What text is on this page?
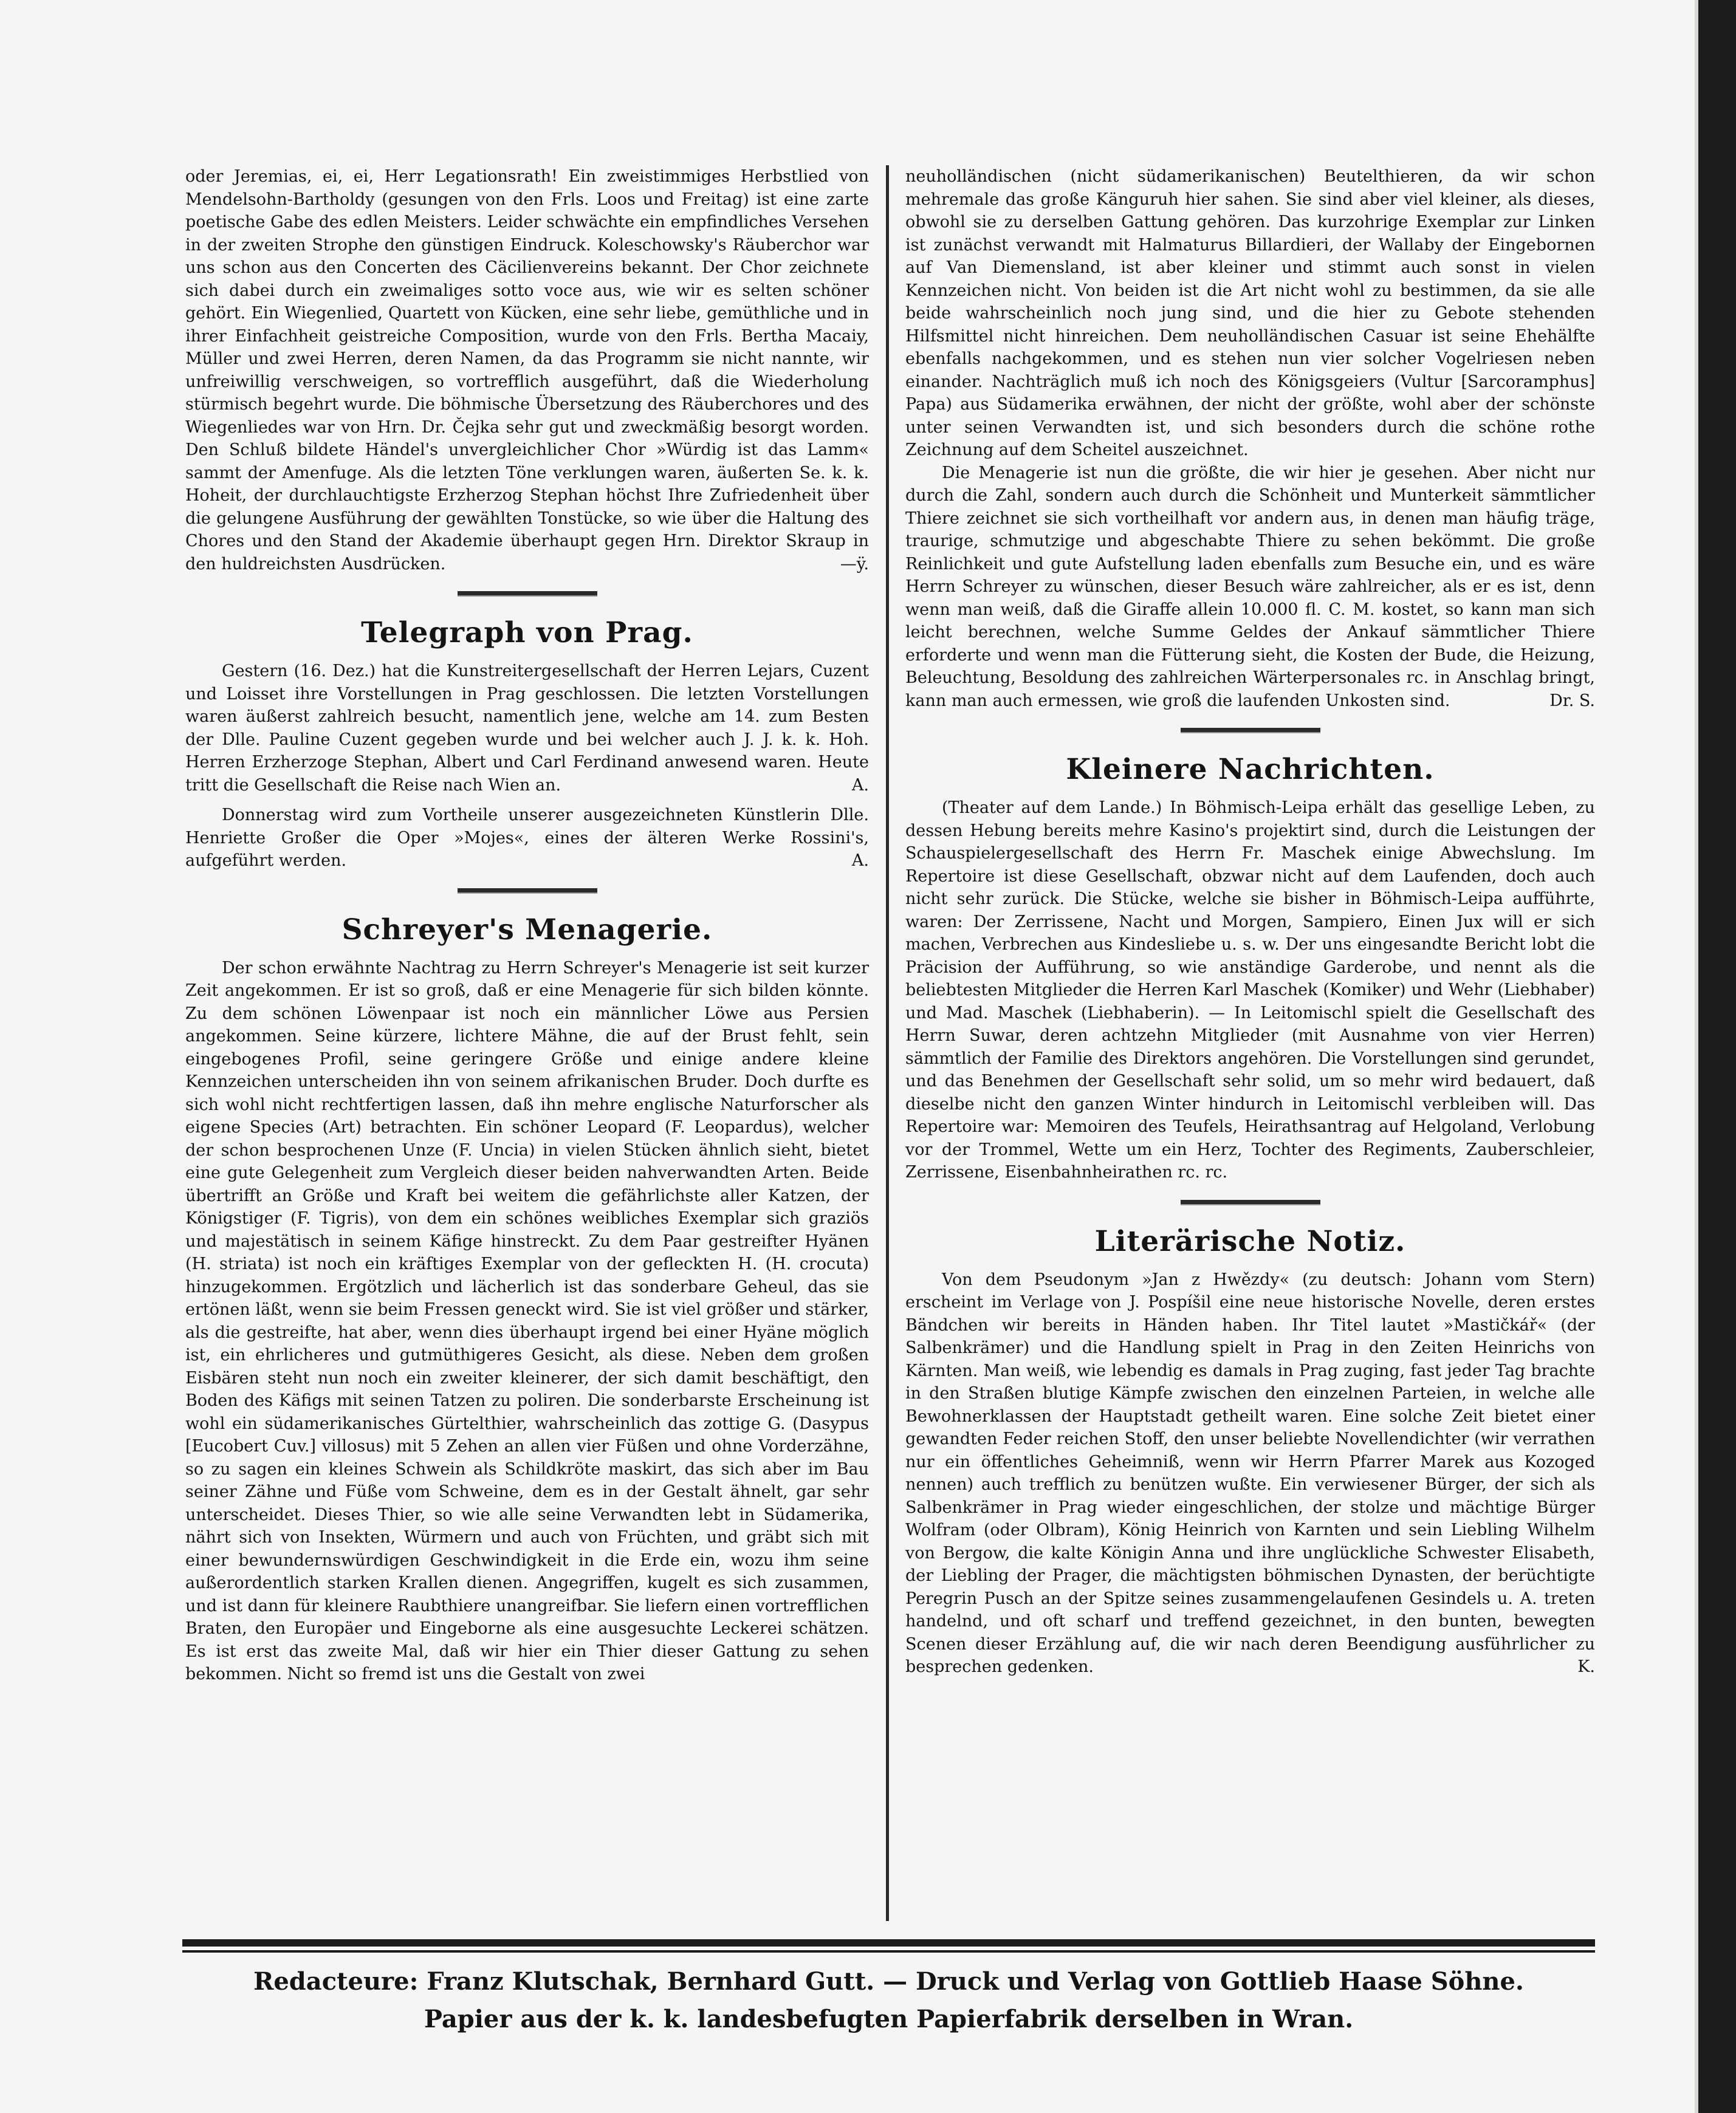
oder Jeremias, ei, ei, Herr Legationsrath! Ein zweistimmiges Herbstlied von Mendelsohn-Bartholdy (gesungen von den Frls. Loos und Freitag) ist eine zarte poetische Gabe des edlen Meisters. Leider schwächte ein empfindliches Versehen in der zweiten Strophe den günstigen Eindruck. Koleschowsky's Räuberchor war uns schon aus den Concerten des Cäcilienvereins bekannt. Der Chor zeichnete sich dabei durch ein zweimaliges sotto voce aus, wie wir es selten schöner gehört. Ein Wiegenlied, Quartett von Kücken, eine sehr liebe, gemüthliche und in ihrer Einfachheit geistreiche Composition, wurde von den Frls. Bertha Macaiy, Müller und zwei Herren, deren Namen, da das Programm sie nicht nannte, wir unfreiwillig verschweigen, so vortrefflich ausgeführt, daß die Wiederholung stürmisch begehrt wurde. Die böhmische Übersetzung des Räuberchores und des Wiegenliedes war von Hrn. Dr. Čejka sehr gut und zweckmäßig besorgt worden. Den Schluß bildete Händel's unvergleichlicher Chor »Würdig ist das Lamm« sammt der Amenfuge. Als die letzten Töne verklungen waren, äußerten Se. k. k. Hoheit, der durchlauchtigste Erzherzog Stephan höchst Ihre Zufriedenheit über die gelungene Ausführung der gewählten Tonstücke, so wie über die Haltung des Chores und den Stand der Akademie überhaupt gegen Hrn. Direktor Skraup in den huldreichsten Ausdrücken.	—ÿ.

Telegraph von Prag.

Gestern (16. Dez.) hat die Kunstreitergesellschaft der Herren Lejars, Cuzent und Loisset ihre Vorstellungen in Prag geschlossen. Die letzten Vorstellungen waren äußerst zahlreich besucht, namentlich jene, welche am 14. zum Besten der Dlle. Pauline Cuzent gegeben wurde und bei welcher auch J. J. k. k. Hoh. Herren Erzherzoge Stephan, Albert und Carl Ferdinand anwesend waren. Heute tritt die Gesellschaft die Reise nach Wien an.	A.

Donnerstag wird zum Vortheile unserer ausgezeichneten Künstlerin Dlle. Henriette Großer die Oper »Mojes«, eines der älteren Werke Rossini's, aufgeführt werden.	A.

Schreyer's Menagerie.

Der schon erwähnte Nachtrag zu Herrn Schreyer's Menagerie ist seit kurzer Zeit angekommen. Er ist so groß, daß er eine Menagerie für sich bilden könnte. Zu dem schönen Löwenpaar ist noch ein männlicher Löwe aus Persien angekommen. Seine kürzere, lichtere Mähne, die auf der Brust fehlt, sein eingebogenes Profil, seine geringere Größe und einige andere kleine Kennzeichen unterscheiden ihn von seinem afrikanischen Bruder. Doch durfte es sich wohl nicht rechtfertigen lassen, daß ihn mehre englische Naturforscher als eigene Species (Art) betrachten. Ein schöner Leopard (F. Leopardus), welcher der schon besprochenen Unze (F. Uncia) in vielen Stücken ähnlich sieht, bietet eine gute Gelegenheit zum Vergleich dieser beiden nahverwandten Arten. Beide übertrifft an Größe und Kraft bei weitem die gefährlichste aller Katzen, der Königstiger (F. Tigris), von dem ein schönes weibliches Exemplar sich graziös und majestätisch in seinem Käfige hinstreckt. Zu dem Paar gestreifter Hyänen (H. striata) ist noch ein kräftiges Exemplar von der gefleckten H. (H. crocuta) hinzugekommen. Ergötzlich und lächerlich ist das sonderbare Geheul, das sie ertönen läßt, wenn sie beim Fressen geneckt wird. Sie ist viel größer und stärker, als die gestreifte, hat aber, wenn dies überhaupt irgend bei einer Hyäne möglich ist, ein ehrlicheres und gutmüthigeres Gesicht, als diese. Neben dem großen Eisbären steht nun noch ein zweiter kleinerer, der sich damit beschäftigt, den Boden des Käfigs mit seinen Tatzen zu poliren. Die sonderbarste Erscheinung ist wohl ein südamerikanisches Gürtelthier, wahrscheinlich das zottige G. (Dasypus [Eucobert Cuv.] villosus) mit 5 Zehen an allen vier Füßen und ohne Vorderzähne, so zu sagen ein kleines Schwein als Schildkröte maskirt, das sich aber im Bau seiner Zähne und Füße vom Schweine, dem es in der Gestalt ähnelt, gar sehr unterscheidet. Dieses Thier, so wie alle seine Verwandten lebt in Südamerika, nährt sich von Insekten, Würmern und auch von Früchten, und gräbt sich mit einer bewundernswürdigen Geschwindigkeit in die Erde ein, wozu ihm seine außerordentlich starken Krallen dienen. Angegriffen, kugelt es sich zusammen, und ist dann für kleinere Raubthiere unangreifbar. Sie liefern einen vortrefflichen Braten, den Europäer und Eingeborne als eine ausgesuchte Leckerei schätzen. Es ist erst das zweite Mal, daß wir hier ein Thier dieser Gattung zu sehen bekommen. Nicht so fremd ist uns die Gestalt von zwei

neuholländischen (nicht südamerikanischen) Beutelthieren, da wir schon mehremale das große Känguruh hier sahen. Sie sind aber viel kleiner, als dieses, obwohl sie zu derselben Gattung gehören. Das kurzohrige Exemplar zur Linken ist zunächst verwandt mit Halmaturus Billardieri, der Wallaby der Eingebornen auf Van Diemensland, ist aber kleiner und stimmt auch sonst in vielen Kennzeichen nicht. Von beiden ist die Art nicht wohl zu bestimmen, da sie alle beide wahrscheinlich noch jung sind, und die hier zu Gebote stehenden Hilfsmittel nicht hinreichen. Dem neuholländischen Casuar ist seine Ehehälfte ebenfalls nachgekommen, und es stehen nun vier solcher Vogelriesen neben einander. Nachträglich muß ich noch des Königsgeiers (Vultur [Sarcoramphus] Papa) aus Südamerika erwähnen, der nicht der größte, wohl aber der schönste unter seinen Verwandten ist, und sich besonders durch die schöne rothe Zeichnung auf dem Scheitel auszeichnet.

Die Menagerie ist nun die größte, die wir hier je gesehen. Aber nicht nur durch die Zahl, sondern auch durch die Schönheit und Munterkeit sämmtlicher Thiere zeichnet sie sich vortheilhaft vor andern aus, in denen man häufig träge, traurige, schmutzige und abgeschabte Thiere zu sehen bekömmt. Die große Reinlichkeit und gute Aufstellung laden ebenfalls zum Besuche ein, und es wäre Herrn Schreyer zu wünschen, dieser Besuch wäre zahlreicher, als er es ist, denn wenn man weiß, daß die Giraffe allein 10.000 fl. C. M. kostet, so kann man sich leicht berechnen, welche Summe Geldes der Ankauf sämmtlicher Thiere erforderte und wenn man die Fütterung sieht, die Kosten der Bude, die Heizung, Beleuchtung, Besoldung des zahlreichen Wärterpersonales rc. in Anschlag bringt, kann man auch ermessen, wie groß die laufenden Unkosten sind.	Dr. S.

Kleinere Nachrichten.

(Theater auf dem Lande.) In Böhmisch-Leipa erhält das gesellige Leben, zu dessen Hebung bereits mehre Kasino's projektirt sind, durch die Leistungen der Schauspielergesellschaft des Herrn Fr. Maschek einige Abwechslung. Im Repertoire ist diese Gesellschaft, obzwar nicht auf dem Laufenden, doch auch nicht sehr zurück. Die Stücke, welche sie bisher in Böhmisch-Leipa aufführte, waren: Der Zerrissene, Nacht und Morgen, Sampiero, Einen Jux will er sich machen, Verbrechen aus Kindesliebe u. s. w. Der uns eingesandte Bericht lobt die Präcision der Aufführung, so wie anständige Garderobe, und nennt als die beliebtesten Mitglieder die Herren Karl Maschek (Komiker) und Wehr (Liebhaber) und Mad. Maschek (Liebhaberin). — In Leitomischl spielt die Gesellschaft des Herrn Suwar, deren achtzehn Mitglieder (mit Ausnahme von vier Herren) sämmtlich der Familie des Direktors angehören. Die Vorstellungen sind gerundet, und das Benehmen der Gesellschaft sehr solid, um so mehr wird bedauert, daß dieselbe nicht den ganzen Winter hindurch in Leitomischl verbleiben will. Das Repertoire war: Memoiren des Teufels, Heirathsantrag auf Helgoland, Verlobung vor der Trommel, Wette um ein Herz, Tochter des Regiments, Zauberschleier, Zerrissene, Eisenbahnheirathen rc. rc.

Literärische Notiz.

Von dem Pseudonym »Jan z Hwězdy« (zu deutsch: Johann vom Stern) erscheint im Verlage von J. Pospíšil eine neue historische Novelle, deren erstes Bändchen wir bereits in Händen haben. Ihr Titel lautet »Mastičkář« (der Salbenkrämer) und die Handlung spielt in Prag in den Zeiten Heinrichs von Kärnten. Man weiß, wie lebendig es damals in Prag zuging, fast jeder Tag brachte in den Straßen blutige Kämpfe zwischen den einzelnen Parteien, in welche alle Bewohnerklassen der Hauptstadt getheilt waren. Eine solche Zeit bietet einer gewandten Feder reichen Stoff, den unser beliebte Novellendichter (wir verrathen nur ein öffentliches Geheimniß, wenn wir Herrn Pfarrer Marek aus Kozoged nennen) auch trefflich zu benützen wußte. Ein verwiesener Bürger, der sich als Salbenkrämer in Prag wieder eingeschlichen, der stolze und mächtige Bürger Wolfram (oder Olbram), König Heinrich von Karnten und sein Liebling Wilhelm von Bergow, die kalte Königin Anna und ihre unglückliche Schwester Elisabeth, der Liebling der Prager, die mächtigsten böhmischen Dynasten, der berüchtigte Peregrin Pusch an der Spitze seines zusammengelaufenen Gesindels u. A. treten handelnd, und oft scharf und treffend gezeichnet, in den bunten, bewegten Scenen dieser Erzählung auf, die wir nach deren Beendigung ausführlicher zu besprechen gedenken.	K.

Redacteure: Franz Klutschak, Bernhard Gutt. — Druck und Verlag von Gottlieb Haase Söhne.
Papier aus der k. k. landesbefugten Papierfabrik derselben in Wran.
